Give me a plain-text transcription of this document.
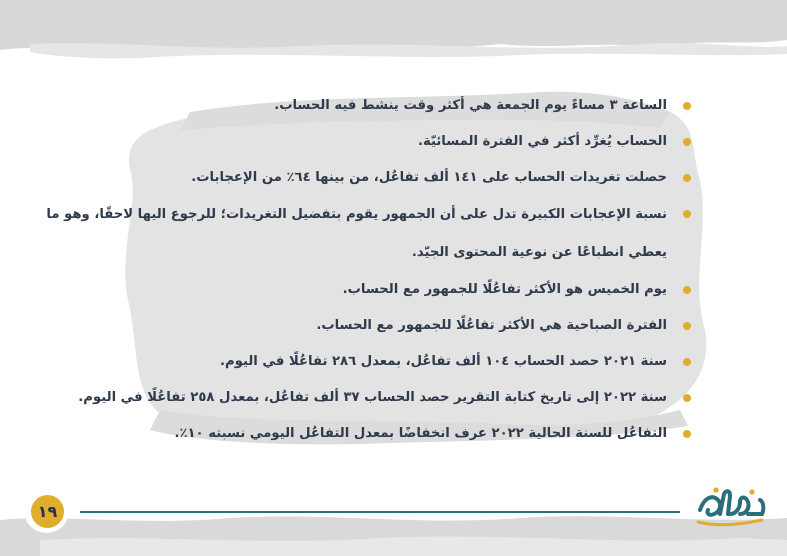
الساعة ٣ مساءً يوم الجمعة هي أكثر وقت ينشط فيه الحساب.
الحساب يُغرِّد أكثر في الفترة المسائيّة.
حصلت تغريدات الحساب على ١٤١ ألف تفاعُل، من بينها ٦٤٪ من الإعجابات.
نسبة الإعجابات الكبيرة تدل على أن الجمهور يقوم بتفضيل التغريدات؛ للرجوع اليها لاحقًا، وهو ما يعطي انطباعًا عن نوعية المحتوى الجيّد.
يوم الخميس هو الأكثر تفاعُلًا للجمهور مع الحساب.
الفترة الصباحية هي الأكثر تفاعُلًا للجمهور مع الحساب.
سنة ٢٠٢١ حصد الحساب ١٠٤ ألف تفاعُل، بمعدل ٢٨٦ تفاعُلًا في اليوم.
سنة ٢٠٢٢ إلى تاريخ كتابة التقرير حصد الحساب ٣٧ ألف تفاعُل، بمعدل ٢٥٨ تفاعُلًا في اليوم.
التفاعُل للسنة الحالية ٢٠٢٢ عرف انخفاضًا بمعدل التفاعُل اليومي نسبته ١٠٪.
١٩
